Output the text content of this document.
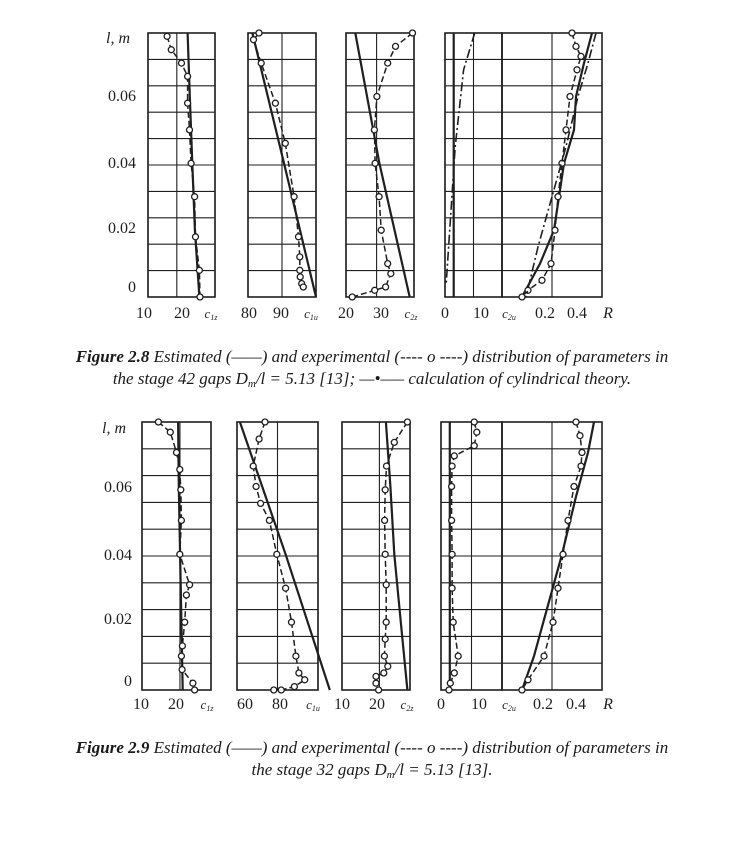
l, m
0
0.02
0.04
0.06
10 20 c1z 80 90 c1u 20 30 c2z 0 10 c2u 0.2 0.4 R
l, m
0
0.02
0.04
0.06
10 20 c1z 60 80 c1u 10 20 c2z 0 10 c2u 0.2 0.4 R
Figure 2.8 Estimated (——) and experimental (---- o ----) distribution of parameters in
the stage 42 gaps $D_m/l = 5.13$ [13]; —•—– calculation of cylindrical theory.
Figure 2.9 Estimated (——) and experimental (---- o ----) distribution of parameters in
the stage 32 gaps $D_m/l = 5.13$ [13].
